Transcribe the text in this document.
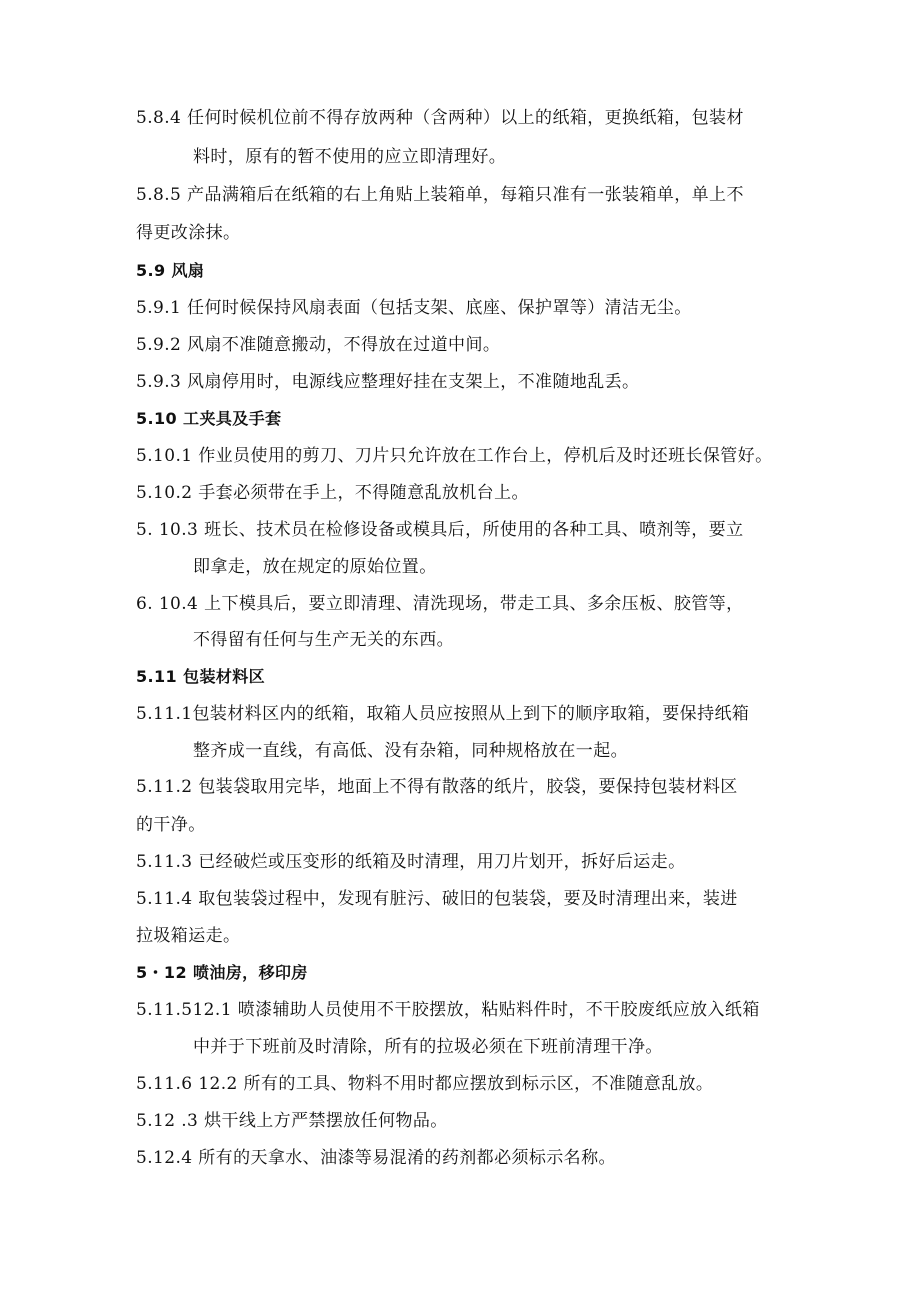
5.8.4 任何时候机位前不得存放两种（含两种）以上的纸箱，更换纸箱，包装材
料时，原有的暂不使用的应立即清理好。
5.8.5 产品满箱后在纸箱的右上角贴上装箱单，每箱只准有一张装箱单，单上不
得更改涂抹。
5.9 风扇
5.9.1 任何时候保持风扇表面（包括支架、底座、保护罩等）清洁无尘。
5.9.2 风扇不准随意搬动，不得放在过道中间。
5.9.3 风扇停用时，电源线应整理好挂在支架上，不准随地乱丢。
5.10 工夹具及手套
5.10.1 作业员使用的剪刀、刀片只允许放在工作台上，停机后及时还班长保管好。
5.10.2 手套必须带在手上，不得随意乱放机台上。
5. 10.3 班长、技术员在检修设备或模具后，所使用的各种工具、喷剂等，要立
即拿走，放在规定的原始位置。
6. 10.4 上下模具后，要立即清理、清洗现场，带走工具、多余压板、胶管等，
不得留有任何与生产无关的东西。
5.11 包装材料区
5.11.1包装材料区内的纸箱，取箱人员应按照从上到下的顺序取箱，要保持纸箱
整齐成一直线，有高低、没有杂箱，同种规格放在一起。
5.11.2 包装袋取用完毕，地面上不得有散落的纸片，胶袋，要保持包装材料区
的干净。
5.11.3 已经破烂或压变形的纸箱及时清理，用刀片划开，拆好后运走。
5.11.4 取包装袋过程中，发现有脏污、破旧的包装袋，要及时清理出来，装进
拉圾箱运走。
5・12 喷油房，移印房
5.11.512.1 喷漆辅助人员使用不干胶摆放，粘贴料件时，不干胶废纸应放入纸箱
中并于下班前及时清除，所有的拉圾必须在下班前清理干净。
5.11.6 12.2 所有的工具、物料不用时都应摆放到标示区，不准随意乱放。
5.12 .3 烘干线上方严禁摆放任何物品。
5.12.4 所有的天拿水、油漆等易混淆的药剂都必须标示名称。
